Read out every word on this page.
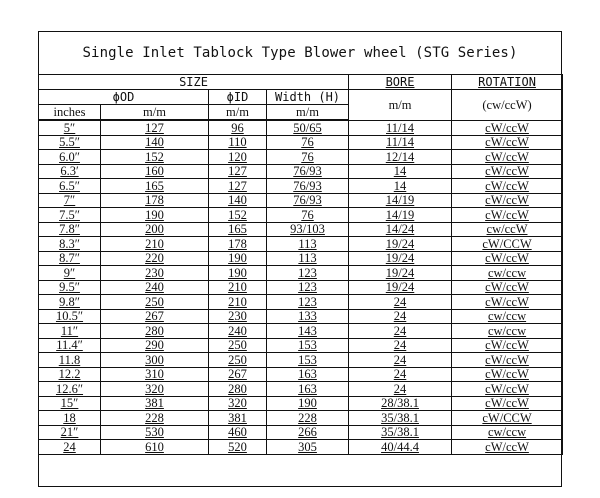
Single Inlet Tablock Type Blower wheel (STG Series)
SIZE				BORE	ROTATION
ϕOD		ϕID	Width (H)	m/m	(cw/ccW)
inches	m/m	m/m	m/m		

5″	127	96	50/65	11/14	cW/ccW
5.5″	140	110	76	11/14	cW/ccW
6.0″	152	120	76	12/14	cW/ccW
6.3′	160	127	76/93	14	cW/ccW
6.5″	165	127	76/93	14	cW/ccW
7″	178	140	76/93	14/19	cW/ccW
7.5″	190	152	76	14/19	cW/ccW
7.8″	200	165	93/103	14/24	cw/ccW
8.3″	210	178	113	19/24	cW/CCW
8.7″	220	190	113	19/24	cW/ccW
9″	230	190	123	19/24	cw/ccw
9.5″	240	210	123	19/24	cW/ccW
9.8″	250	210	123	24	cW/ccW
10.5″	267	230	133	24	cw/ccw
11″	280	240	143	24	cw/ccw
11.4″	290	250	153	24	cW/ccW
11.8	300	250	153	24	cW/ccW
12.2	310	267	163	24	cW/ccW
12.6″	320	280	163	24	cW/ccW
15″	381	320	190	28/38.1	cW/ccW
18	228	381	228	35/38.1	cW/CCW
21″	530	460	266	35/38.1	cw/ccw
24	610	520	305	40/44.4	cW/ccW
